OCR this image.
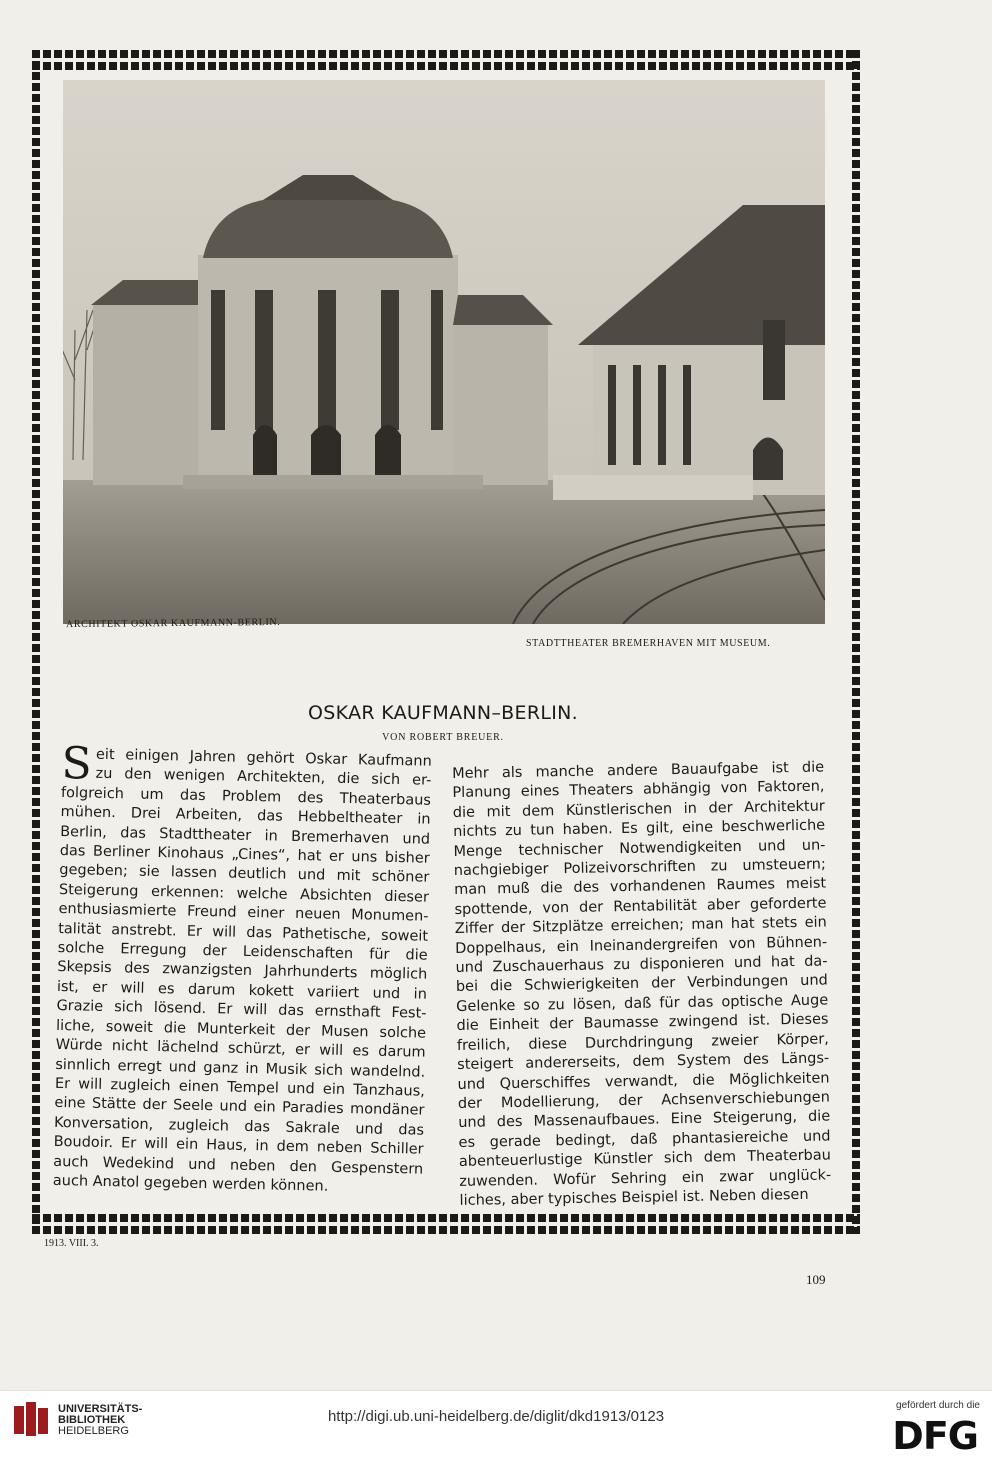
ARCHITEKT OSKAR KAUFMANN-BERLIN.
STADTTHEATER BREMERHAVEN MIT MUSEUM.
OSKAR KAUFMANN–BERLIN.
VON ROBERT BREUER.
S eit einigen Jahren gehört Oskar Kaufmann
zu den wenigen Architekten, die sich er-
folgreich um das Problem des Theaterbaus
mühen. Drei Arbeiten, das Hebbeltheater in
Berlin, das Stadttheater in Bremerhaven und
das Berliner Kinohaus „Cines“, hat er uns bisher
gegeben; sie lassen deutlich und mit schöner
Steigerung erkennen: welche Absichten dieser
enthusiasmierte Freund einer neuen Monumen-
talität anstrebt. Er will das Pathetische, soweit
solche Erregung der Leidenschaften für die
Skepsis des zwanzigsten Jahrhunderts möglich
ist, er will es darum kokett variiert und in
Grazie sich lösend. Er will das ernsthaft Fest-
liche, soweit die Munterkeit der Musen solche
Würde nicht lächelnd schürzt, er will es darum
sinnlich erregt und ganz in Musik sich wandelnd.
Er will zugleich einen Tempel und ein Tanzhaus,
eine Stätte der Seele und ein Paradies mondäner
Konversation, zugleich das Sakrale und das
Boudoir. Er will ein Haus, in dem neben Schiller
auch Wedekind und neben den Gespenstern
auch Anatol gegeben werden können.
Mehr als manche andere Bauaufgabe ist die
Planung eines Theaters abhängig von Faktoren,
die mit dem Künstlerischen in der Architektur
nichts zu tun haben. Es gilt, eine beschwerliche
Menge technischer Notwendigkeiten und un-
nachgiebiger Polizeivorschriften zu umsteuern;
man muß die des vorhandenen Raumes meist
spottende, von der Rentabilität aber geforderte
Ziffer der Sitzplätze erreichen; man hat stets ein
Doppelhaus, ein Ineinandergreifen von Bühnen-
und Zuschauerhaus zu disponieren und hat da-
bei die Schwierigkeiten der Verbindungen und
Gelenke so zu lösen, daß für das optische Auge
die Einheit der Baumasse zwingend ist. Dieses
freilich, diese Durchdringung zweier Körper,
steigert andererseits, dem System des Längs-
und Querschiffes verwandt, die Möglichkeiten
der Modellierung, der Achsenverschiebungen
und des Massenaufbaues. Eine Steigerung, die
es gerade bedingt, daß phantasiereiche und
abenteuerlustige Künstler sich dem Theaterbau
zuwenden. Wofür Sehring ein zwar unglück-
liches, aber typisches Beispiel ist. Neben diesen
1913. VIII. 3.
109
UNIVERSITÄTS-
BIBLIOTHEK
HEIDELBERG
http://digi.ub.uni-heidelberg.de/diglit/dkd1913/0123
gefördert durch die
DFG
